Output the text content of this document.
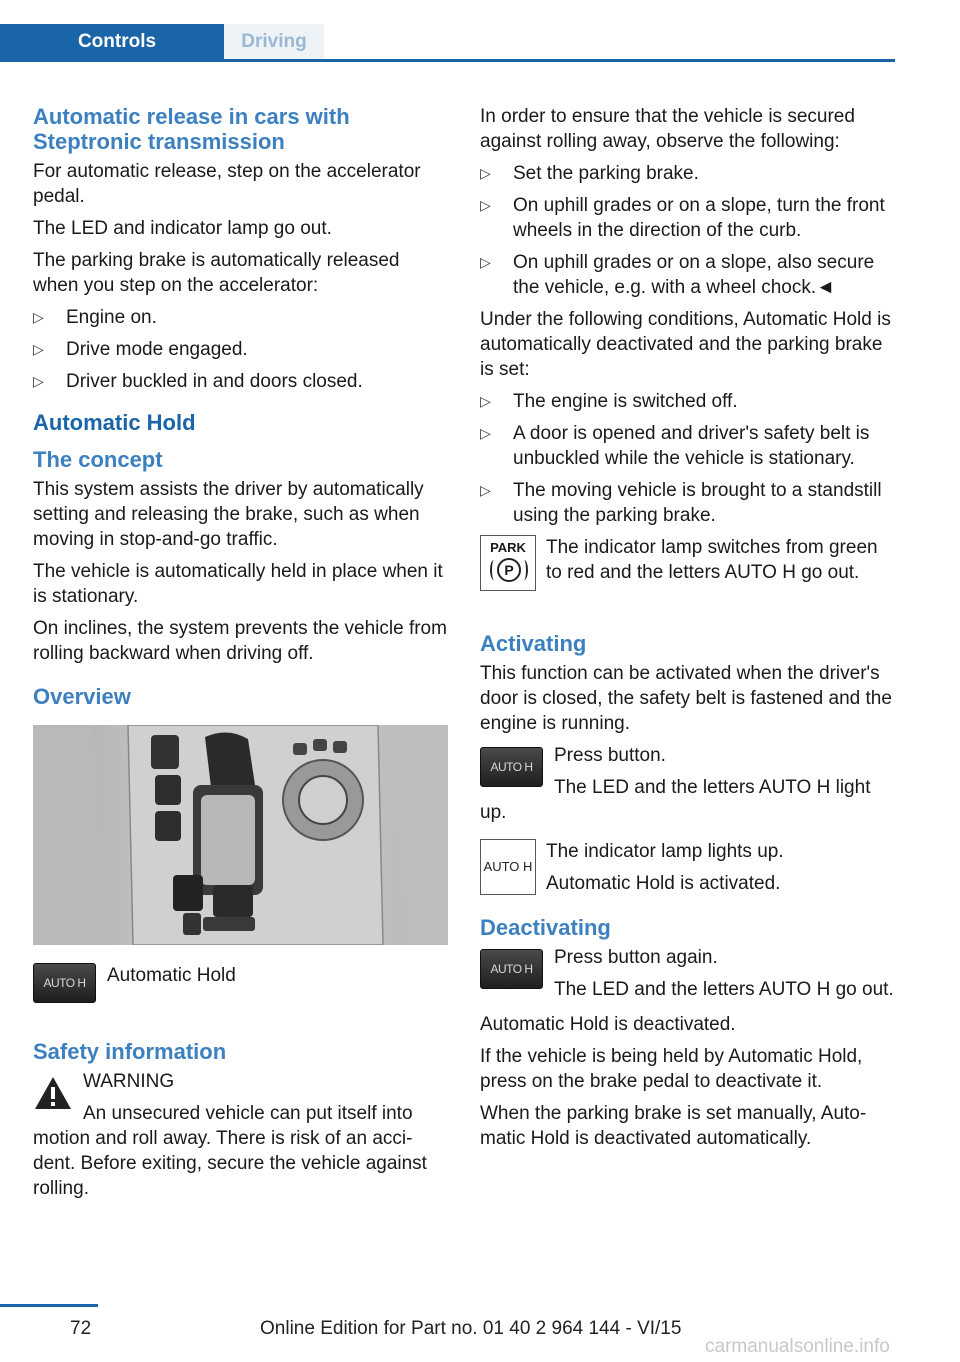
Controls	Driving
Automatic release in cars with Steptronic transmission

For automatic release, step on the accelerator pedal.

The LED and indicator lamp go out.

The parking brake is automatically released when you step on the accelerator:

▷ Engine on.
▷ Drive mode engaged.
▷ Driver buckled in and doors closed.
Automatic Hold
The concept

This system assists the driver by automatically setting and releasing the brake, such as when moving in stop-and-go traffic.

The vehicle is automatically held in place when it is stationary.

On inclines, the system prevents the vehicle from rolling backward when driving off.

Overview
AUTO H	Automatic Hold

Safety information

WARNING

An unsecured vehicle can put itself into motion and roll away. There is risk of an accident. Before exiting, secure the vehicle against rolling.

In order to ensure that the vehicle is secured against rolling away, observe the following:

▷ Set the parking brake.
▷ On uphill grades or on a slope, turn the front wheels in the direction of the curb.
▷ On uphill grades or on a slope, also secure the vehicle, e.g. with a wheel chock.◄

Under the following conditions, Automatic Hold is automatically deactivated and the parking brake is set:

▷ The engine is switched off.
▷ A door is opened and driver's safety belt is unbuckled while the vehicle is stationary.
▷ The moving vehicle is brought to a standstill using the parking brake.
PARK
P

The indicator lamp switches from green to red and the letters AUTO H go out.

Activating

This function can be activated when the driver's door is closed, the safety belt is fastened and the engine is running.

AUTO H

Press button.

The LED and the letters AUTO H light up.

AUTO H

The indicator lamp lights up.

Automatic Hold is activated.

Deactivating
AUTO H

Press button again.

The LED and the letters AUTO H go out.

Automatic Hold is deactivated.

If the vehicle is being held by Automatic Hold, press on the brake pedal to deactivate it.

When the parking brake is set manually, Automatic Hold is deactivated automatically.

72	Online Edition for Part no. 01 40 2 964 144 - VI/15
carmanualsonline.info
